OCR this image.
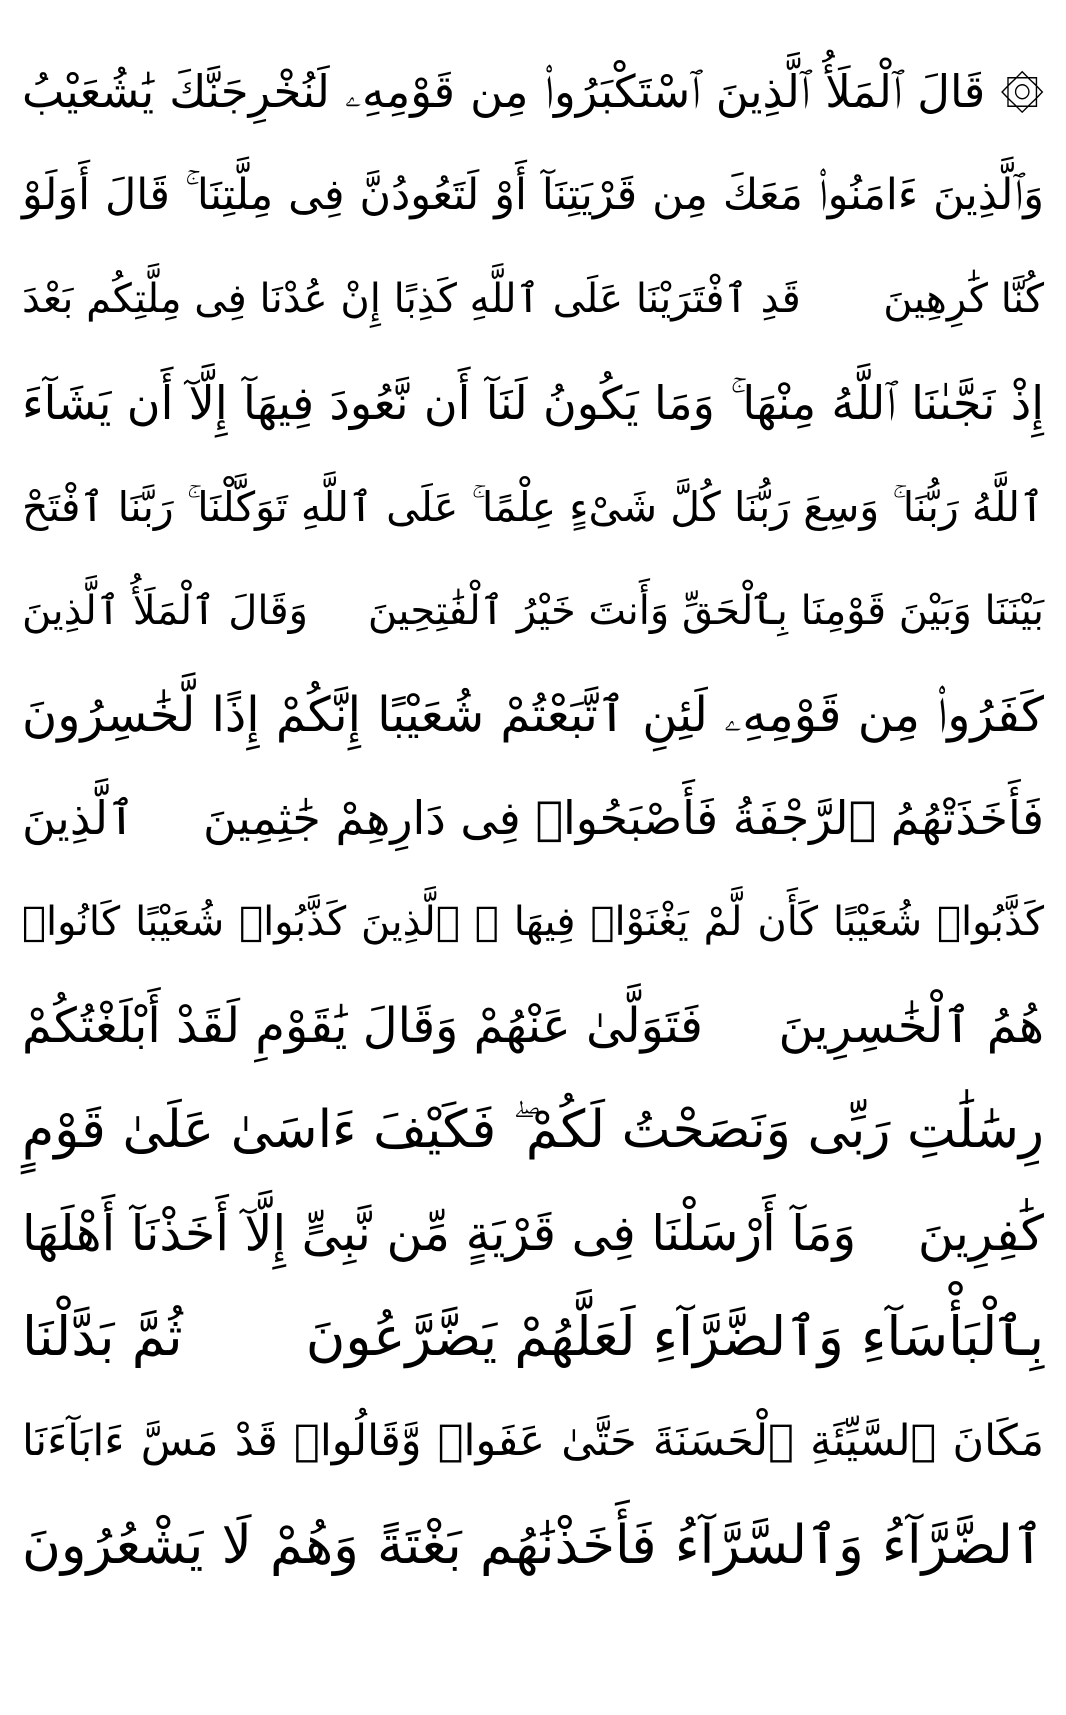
۞ قَالَ ٱلْمَلَأُ ٱلَّذِينَ ٱسْتَكْبَرُوا۟ مِن قَوْمِهِۦ لَنُخْرِجَنَّكَ يَٰشُعَيْبُ
وَٱلَّذِينَ ءَامَنُوا۟ مَعَكَ مِن قَرْيَتِنَآ أَوْ لَتَعُودُنَّ فِى مِلَّتِنَا ۚ قَالَ أَوَلَوْ
كُنَّا كَٰرِهِينَ
قَدِ ٱفْتَرَيْنَا عَلَى ٱللَّهِ كَذِبًا إِنْ عُدْنَا فِى مِلَّتِكُم بَعْدَ
إِذْ نَجَّىٰنَا ٱللَّهُ مِنْهَا ۚ وَمَا يَكُونُ لَنَآ أَن نَّعُودَ فِيهَآ إِلَّآ أَن يَشَآءَ
ٱللَّهُ رَبُّنَا ۚ وَسِعَ رَبُّنَا كُلَّ شَىْءٍ عِلْمًا ۚ عَلَى ٱللَّهِ تَوَكَّلْنَا ۚ رَبَّنَا ٱفْتَحْ
بَيْنَنَا وَبَيْنَ قَوْمِنَا بِٱلْحَقِّ وَأَنتَ خَيْرُ ٱلْفَٰتِحِينَ
وَقَالَ ٱلْمَلَأُ ٱلَّذِينَ
كَفَرُوا۟ مِن قَوْمِهِۦ لَئِنِ ٱتَّبَعْتُمْ شُعَيْبًا إِنَّكُمْ إِذًا لَّخَٰسِرُونَ
فَأَخَذَتْهُمُ ٱلرَّجْفَةُ فَأَصْبَحُوا۟ فِى دَارِهِمْ جَٰثِمِينَ
ٱلَّذِينَ
كَذَّبُوا۟ شُعَيْبًا كَأَن لَّمْ يَغْنَوْا۟ فِيهَا ۚ ٱلَّذِينَ كَذَّبُوا۟ شُعَيْبًا كَانُوا۟
هُمُ ٱلْخَٰسِرِينَ
فَتَوَلَّىٰ عَنْهُمْ وَقَالَ يَٰقَوْمِ لَقَدْ أَبْلَغْتُكُمْ
رِسَٰلَٰتِ رَبِّى وَنَصَحْتُ لَكُمْ ۖ فَكَيْفَ ءَاسَىٰ عَلَىٰ قَوْمٍ
كَٰفِرِينَ
وَمَآ أَرْسَلْنَا فِى قَرْيَةٍ مِّن نَّبِىٍّ إِلَّآ أَخَذْنَآ أَهْلَهَا
بِٱلْبَأْسَآءِ وَٱلضَّرَّآءِ لَعَلَّهُمْ يَضَّرَّعُونَ
ثُمَّ بَدَّلْنَا
مَكَانَ ٱلسَّيِّئَةِ ٱلْحَسَنَةَ حَتَّىٰ عَفَوا۟ وَّقَالُوا۟ قَدْ مَسَّ ءَابَآءَنَا
ٱلضَّرَّآءُ وَٱلسَّرَّآءُ فَأَخَذْنَٰهُم بَغْتَةً وَهُمْ لَا يَشْعُرُونَ
